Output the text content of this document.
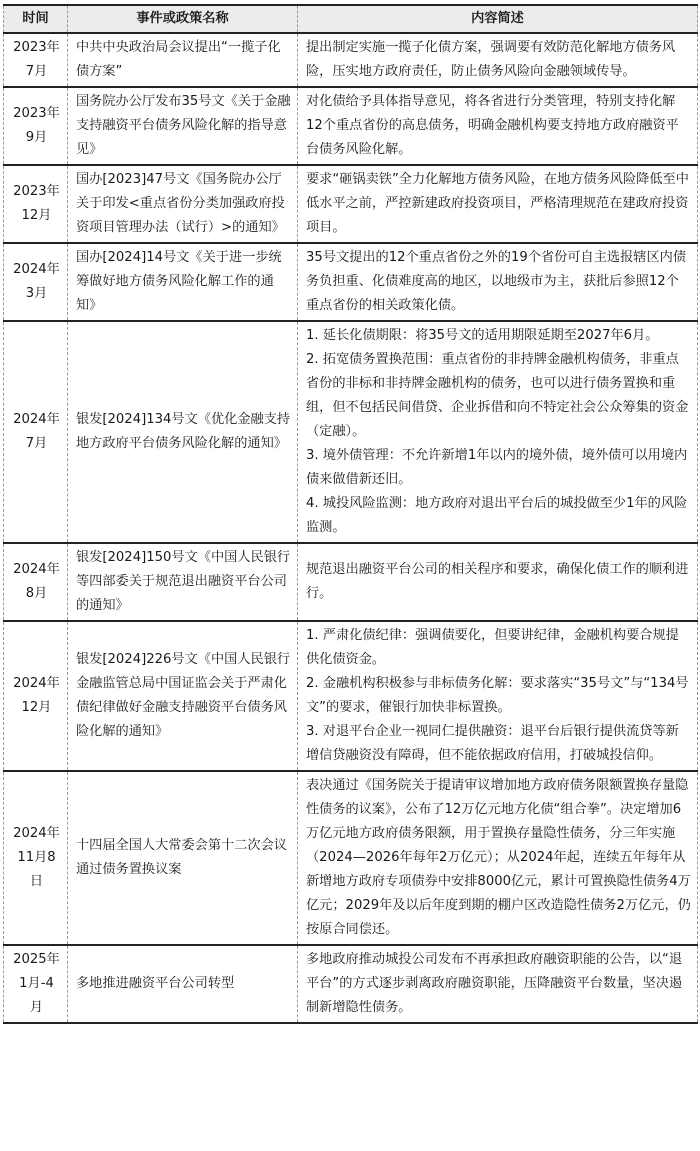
时间	事件或政策名称	内容简述

2023年
7月	中共中央政治局会议提出“一揽子化债方案”	提出制定实施一揽子化债方案，强调要有效防范化解地方债务风险，压实地方政府责任，防止债务风险向金融领域传导。

2023年
9月	国务院办公厅发布35号文《关于金融支持融资平台债务风险化解的指导意见》	对化债给予具体指导意见，将各省进行分类管理，特别支持化解12个重点省份的高息债务，明确金融机构要支持地方政府融资平台债务风险化解。

2023年
12月	国办[2023]47号文《国务院办公厅关于印发<重点省份分类加强政府投资项目管理办法（试行）>的通知》	要求“砸锅卖铁”全力化解地方债务风险，在地方债务风险降低至中低水平之前，严控新建政府投资项目，严格清理规范在建政府投资项目。

2024年
3月	国办[2024]14号文《关于进一步统筹做好地方债务风险化解工作的通知》	35号文提出的12个重点省份之外的19个省份可自主选报辖区内债务负担重、化债难度高的地区，以地级市为主，获批后参照12个重点省份的相关政策化债。

2024年
7月	银发[2024]134号文《优化金融支持地方政府平台债务风险化解的通知》	1. 延长化债期限：将35号文的适用期限延期至2027年6月。
2. 拓宽债务置换范围：重点省份的非持牌金融机构债务，非重点省份的非标和非持牌金融机构的债务，也可以进行债务置换和重组，但不包括民间借贷、企业拆借和向不特定社会公众筹集的资金（定融）。
3. 境外债管理：不允许新增1年以内的境外债，境外债可以用境内债来做借新还旧。
4. 城投风险监测：地方政府对退出平台后的城投做至少1年的风险监测。

2024年
8月	银发[2024]150号文《中国人民银行等四部委关于规范退出融资平台公司的通知》	规范退出融资平台公司的相关程序和要求，确保化债工作的顺利进行。

2024年
12月	银发[2024]226号文《中国人民银行金融监管总局中国证监会关于严肃化债纪律做好金融支持融资平台债务风险化解的通知》	1. 严肃化债纪律：强调债要化，但要讲纪律，金融机构要合规提供化债资金。
2. 金融机构积极参与非标债务化解：要求落实“35号文”与“134号文”的要求，催银行加快非标置换。
3. 对退平台企业一视同仁提供融资：退平台后银行提供流贷等新增信贷融资没有障碍，但不能依据政府信用，打破城投信仰。

2024年
11月8
日	十四届全国人大常委会第十二次会议通过债务置换议案	表决通过《国务院关于提请审议增加地方政府债务限额置换存量隐性债务的议案》，公布了12万亿元地方化债“组合拳”。决定增加6万亿元地方政府债务限额，用于置换存量隐性债务，分三年实施（2024—2026年每年2万亿元）；从2024年起，连续五年每年从新增地方政府专项债券中安排8000亿元，累计可置换隐性债务4万亿元；2029年及以后年度到期的棚户区改造隐性债务2万亿元，仍按原合同偿还。

2025年
1月-4
月	多地推进融资平台公司转型	多地政府推动城投公司发布不再承担政府融资职能的公告，以“退平台”的方式逐步剥离政府融资职能，压降融资平台数量，坚决遏制新增隐性债务。
